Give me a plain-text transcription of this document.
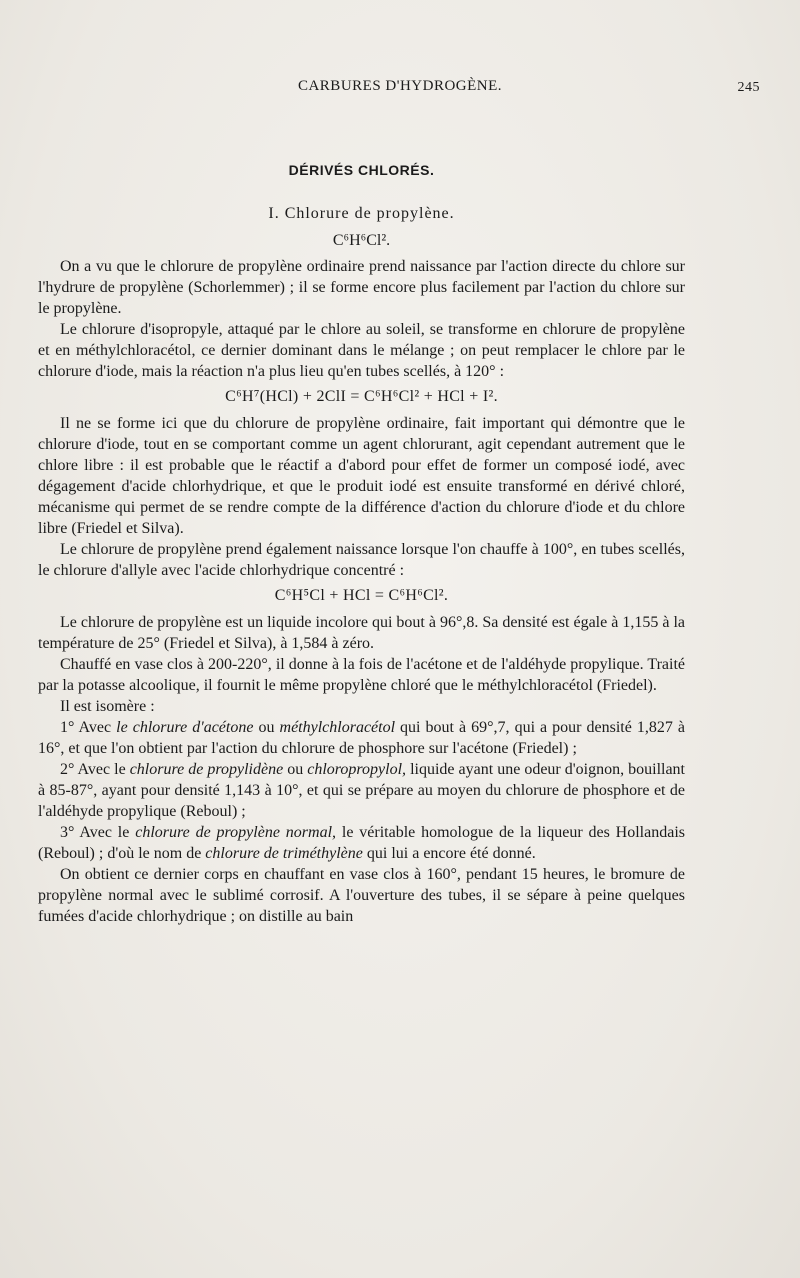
CARBURES D'HYDROGÈNE.	245
DÉRIVÉS CHLORÉS.
I. Chlorure de propylène.
C⁶H⁶Cl².

On a vu que le chlorure de propylène ordinaire prend naissance par l'action directe du chlore sur l'hydrure de propylène (Schorlemmer) ; il se forme encore plus facilement par l'action du chlore sur le propylène.

Le chlorure d'isopropyle, attaqué par le chlore au soleil, se transforme en chlorure de propylène et en méthylchloracétol, ce dernier dominant dans le mélange ; on peut remplacer le chlore par le chlorure d'iode, mais la réaction n'a plus lieu qu'en tubes scellés, à 120° :

C⁶H⁷(HCl) + 2ClI = C⁶H⁶Cl² + HCl + I².

Il ne se forme ici que du chlorure de propylène ordinaire, fait important qui démontre que le chlorure d'iode, tout en se comportant comme un agent chlorurant, agit cependant autrement que le chlore libre : il est probable que le réactif a d'abord pour effet de former un composé iodé, avec dégagement d'acide chlorhydrique, et que le produit iodé est ensuite transformé en dérivé chloré, mécanisme qui permet de se rendre compte de la différence d'action du chlorure d'iode et du chlore libre (Friedel et Silva).

Le chlorure de propylène prend également naissance lorsque l'on chauffe à 100°, en tubes scellés, le chlorure d'allyle avec l'acide chlorhydrique concentré :

C⁶H⁵Cl + HCl = C⁶H⁶Cl².

Le chlorure de propylène est un liquide incolore qui bout à 96°,8. Sa densité est égale à 1,155 à la température de 25° (Friedel et Silva), à 1,584 à zéro.

Chauffé en vase clos à 200-220°, il donne à la fois de l'acétone et de l'aldéhyde propylique. Traité par la potasse alcoolique, il fournit le même propylène chloré que le méthylchloracétol (Friedel).

Il est isomère :

1° Avec le chlorure d'acétone ou méthylchloracétol qui bout à 69°,7, qui a pour densité 1,827 à 16°, et que l'on obtient par l'action du chlorure de phosphore sur l'acétone (Friedel) ;

2° Avec le chlorure de propylidène ou chloropropylol, liquide ayant une odeur d'oignon, bouillant à 85-87°, ayant pour densité 1,143 à 10°, et qui se prépare au moyen du chlorure de phosphore et de l'aldéhyde propylique (Reboul) ;

3° Avec le chlorure de propylène normal, le véritable homologue de la liqueur des Hollandais (Reboul) ; d'où le nom de chlorure de triméthylène qui lui a encore été donné.

On obtient ce dernier corps en chauffant en vase clos à 160°, pendant 15 heures, le bromure de propylène normal avec le sublimé corrosif. A l'ouverture des tubes, il se sépare à peine quelques fumées d'acide chlorhydrique ; on distille au bain
